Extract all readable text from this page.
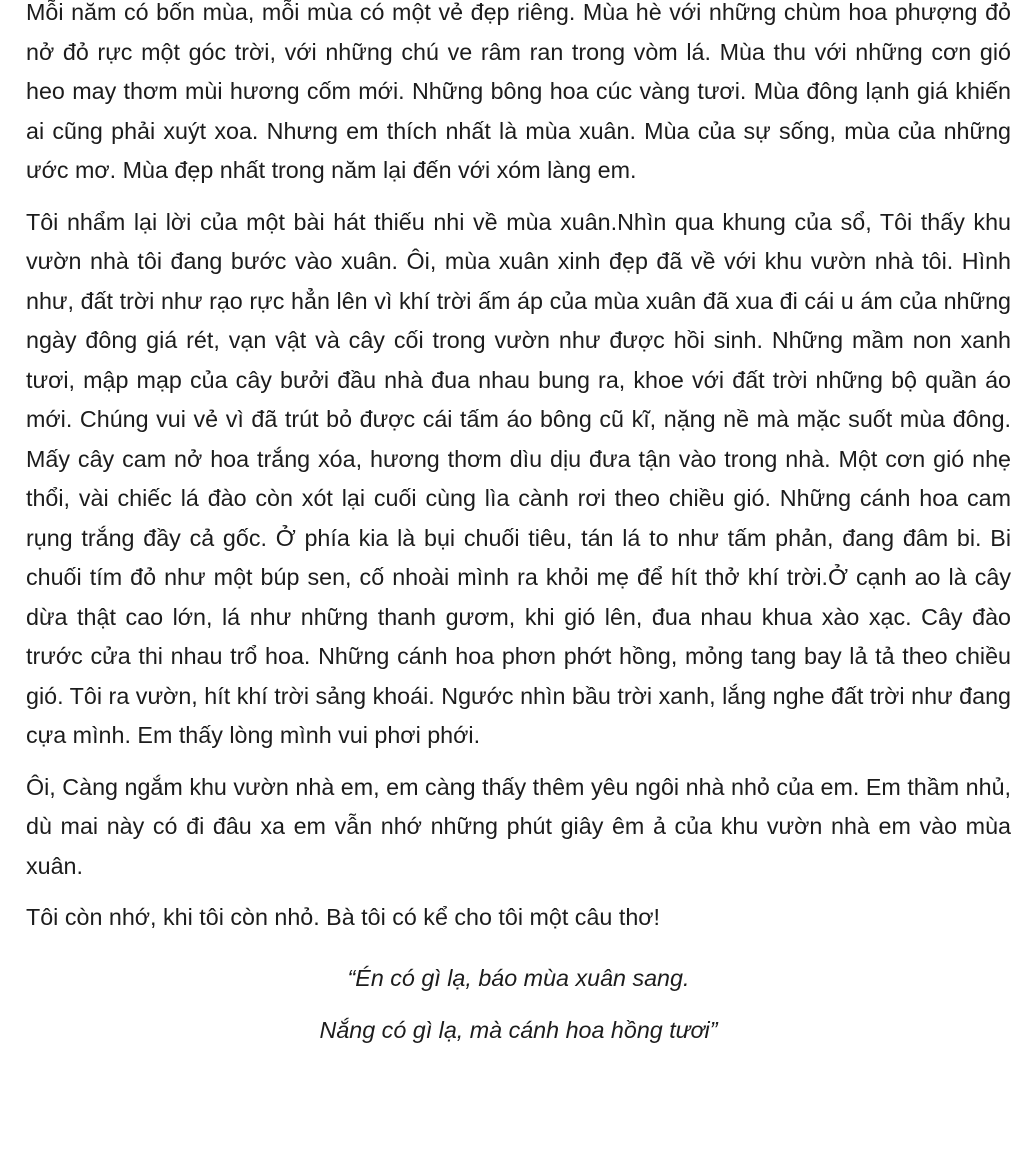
Mỗi năm có bốn mùa, mỗi mùa có một vẻ đẹp riêng. Mùa hè với những chùm hoa phượng đỏ nở đỏ rực một góc trời, với những chú ve râm ran trong vòm lá. Mùa thu với những cơn gió heo may thơm mùi hương cốm mới. Những bông hoa cúc vàng tươi. Mùa đông lạnh giá khiến ai cũng phải xuýt xoa. Nhưng em thích nhất là mùa xuân. Mùa của sự sống, mùa của những ước mơ. Mùa đẹp nhất trong năm lại đến với xóm làng em.

Tôi nhẩm lại lời của một bài hát thiếu nhi về mùa xuân.Nhìn qua khung của sổ, Tôi thấy khu vườn nhà tôi đang bước vào xuân. Ôi, mùa xuân xinh đẹp đã về với khu vườn nhà tôi. Hình như, đất trời như rạo rực hẳn lên vì khí trời ấm áp của mùa xuân đã xua đi cái u ám của những ngày đông giá rét, vạn vật và cây cối trong vườn như được hồi sinh. Những mầm non xanh tươi, mập mạp của cây bưởi đầu nhà đua nhau bung ra, khoe với đất trời những bộ quần áo mới. Chúng vui vẻ vì đã trút bỏ được cái tấm áo bông cũ kĩ, nặng nề mà mặc suốt mùa đông. Mấy cây cam nở hoa trắng xóa, hương thơm dìu dịu đưa tận vào trong nhà. Một cơn gió nhẹ thổi, vài chiếc lá đào còn xót lại cuối cùng lìa cành rơi theo chiều gió. Những cánh hoa cam rụng trắng đầy cả gốc. Ở phía kia là bụi chuối tiêu, tán lá to như tấm phản, đang đâm bi. Bi chuối tím đỏ như một búp sen, cố nhoài mình ra khỏi mẹ để hít thở khí trời.Ở cạnh ao là cây dừa thật cao lớn, lá như những thanh gươm, khi gió lên, đua nhau khua xào xạc. Cây đào trước cửa thi nhau trổ hoa. Những cánh hoa phơn phớt hồng, mỏng tang bay lả tả theo chiều gió. Tôi ra vườn, hít khí trời sảng khoái. Ngước nhìn bầu trời xanh, lắng nghe đất trời như đang cựa mình. Em thấy lòng mình vui phơi phới.

Ôi, Càng ngắm khu vườn nhà em, em càng thấy thêm yêu ngôi nhà nhỏ của em. Em thầm nhủ, dù mai này có đi đâu xa em vẫn nhớ những phút giây êm ả của khu vườn nhà em vào mùa xuân.

Tôi còn nhớ, khi tôi còn nhỏ. Bà tôi có kể cho tôi một câu thơ!

“Én có gì lạ, báo mùa xuân sang.
Nắng có gì lạ, mà cánh hoa hồng tươi”
